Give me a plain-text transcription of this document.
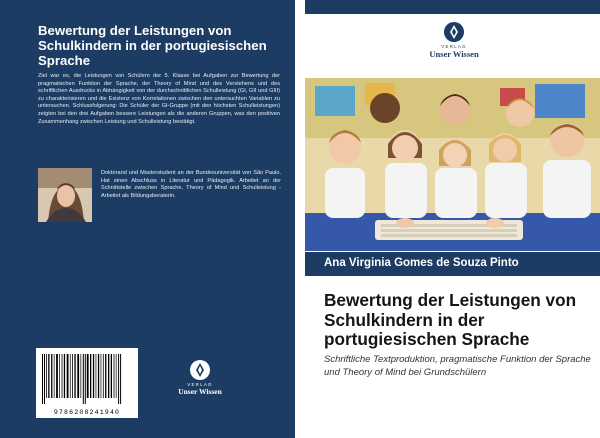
Bewertung der Leistungen von Schulkindern in der portugiesischen Sprache

Ziel war es, die Leistungen von Schülern der 5. Klasse bei Aufgaben zur Bewertung der pragmatischen Funktion der Sprache, der Theory of Mind und des Verstehens und des schriftlichen Ausdrucks in Abhängigkeit von der durchschnittlichen Schulleistung (GI, GII und GIII) zu charakterisieren und die Existenz von Korrelationen zwischen den untersuchten Variablen zu untersuchen. Schlussfolgerung: Die Schüler der GI-Gruppe (mit den höchsten Schulleistungen) zeigten bei den drei Aufgaben bessere Leistungen als die anderen Gruppen, was den positiven Zusammenhang zwischen Leistung und Schulleistung bestätigt.

Doktorand und Masterstudent an der Bundesuniversität von São Paulo. Hat einen Abschluss in Literatur und Pädagogik. Arbeitet an der Schnittstelle zwischen Sprache, Theory of Mind und Schulleistung - Arbeitet als Bildungsberaterin.

9786208241940
VERLAG
Unser Wissen
VERLAG
Unser Wissen
Ana Virginia Gomes de Souza Pinto
Bewertung der Leistungen von Schulkindern in der portugiesischen Sprache

Schriftliche Textproduktion, pragmatische Funktion der Sprache und Theory of Mind bei Grundschülern
